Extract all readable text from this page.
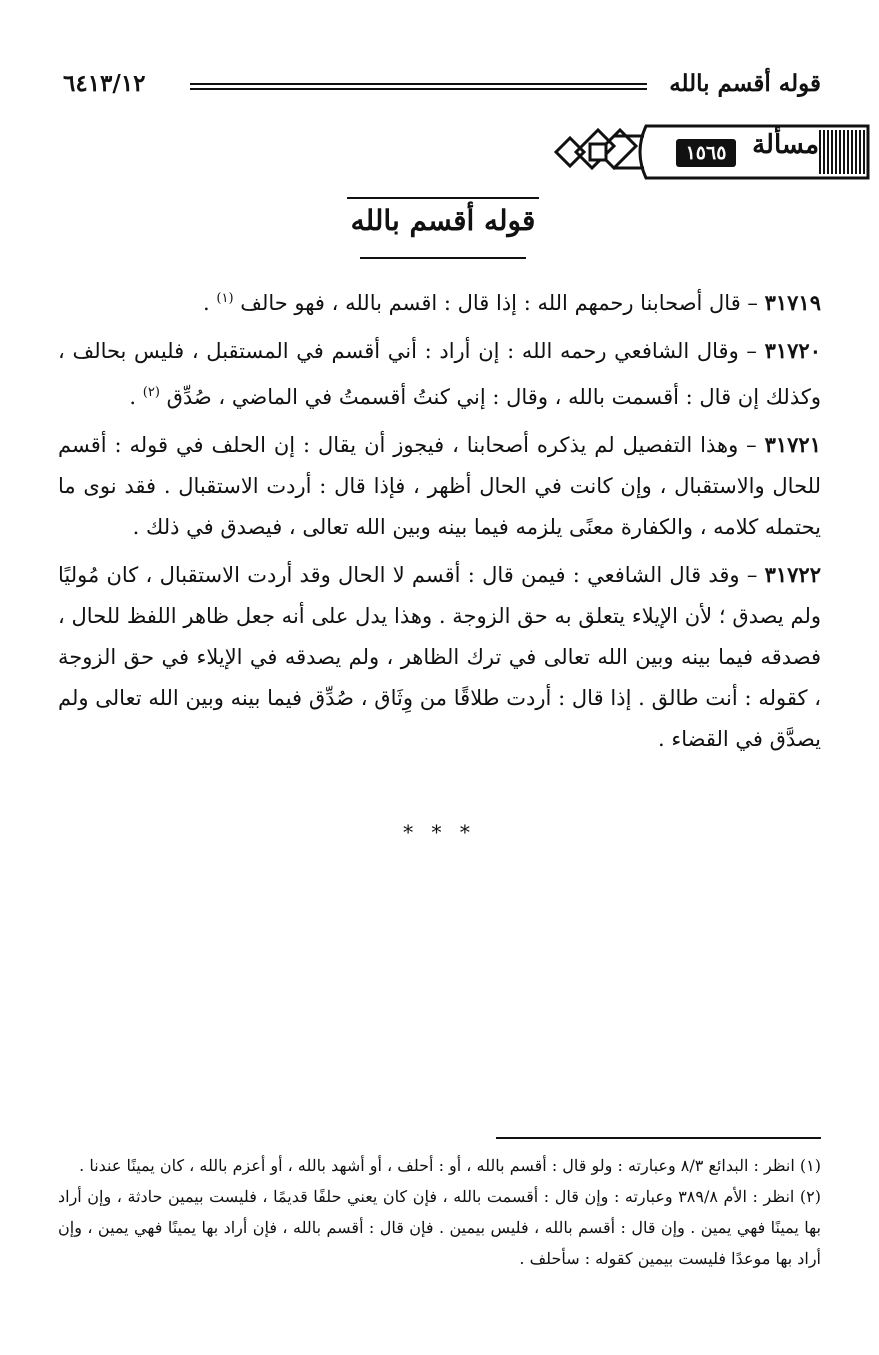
قوله أقسم بالله
٦٤١٣/١٢
مسألة
١٥٦٥
قوله أقسم بالله

٣١٧١٩ – قال أصحابنا رحمهم الله : إذا قال : اقسم بالله ، فهو حالف $^{(١)}$ .

٣١٧٢٠ – وقال الشافعي رحمه الله : إن أراد : أني أقسم في المستقبل ، فليس بحالف ، وكذلك إن قال : أقسمت بالله ، وقال : إني كنتُ أقسمتُ في الماضي ، صُدِّق $^{(٢)}$ .

٣١٧٢١ – وهذا التفصيل لم يذكره أصحابنا ، فيجوز أن يقال : إن الحلف في قوله : أقسم للحال والاستقبال ، وإن كانت في الحال أظهر ، فإذا قال : أردت الاستقبال . فقد نوى ما يحتمله كلامه ، والكفارة معنًى يلزمه فيما بينه وبين الله تعالى ، فيصدق في ذلك .

٣١٧٢٢ – وقد قال الشافعي : فيمن قال : أقسم لا الحال وقد أردت الاستقبال ، كان مُوليًا ولم يصدق ؛ لأن الإيلاء يتعلق به حق الزوجة . وهذا يدل على أنه جعل ظاهر اللفظ للحال ، فصدقه فيما بينه وبين الله تعالى في ترك الظاهر ، ولم يصدقه في الإيلاء في حق الزوجة ، كقوله : أنت طالق . إذا قال : أردت طلاقًا من وِثَاق ، صُدِّق فيما بينه وبين الله تعالى ولم يصدَّق في القضاء .

* * *

(١) انظر : البدائع ٨/٣ وعبارته : ولو قال : أقسم بالله ، أو : أحلف ، أو أشهد بالله ، أو أعزم بالله ، كان يمينًا عندنا .

(٢) انظر : الأم ٣٨٩/٨ وعبارته : وإن قال : أقسمت بالله ، فإن كان يعني حلفًا قديمًا ، فليست بيمين حادثة ، وإن أراد بها يمينًا فهي يمين . وإن قال : أقسم بالله ، فليس بيمين . فإن قال : أقسم بالله ، فإن أراد بها يمينًا فهي يمين ، وإن أراد بها موعدًا فليست بيمين كقوله : سأحلف .
